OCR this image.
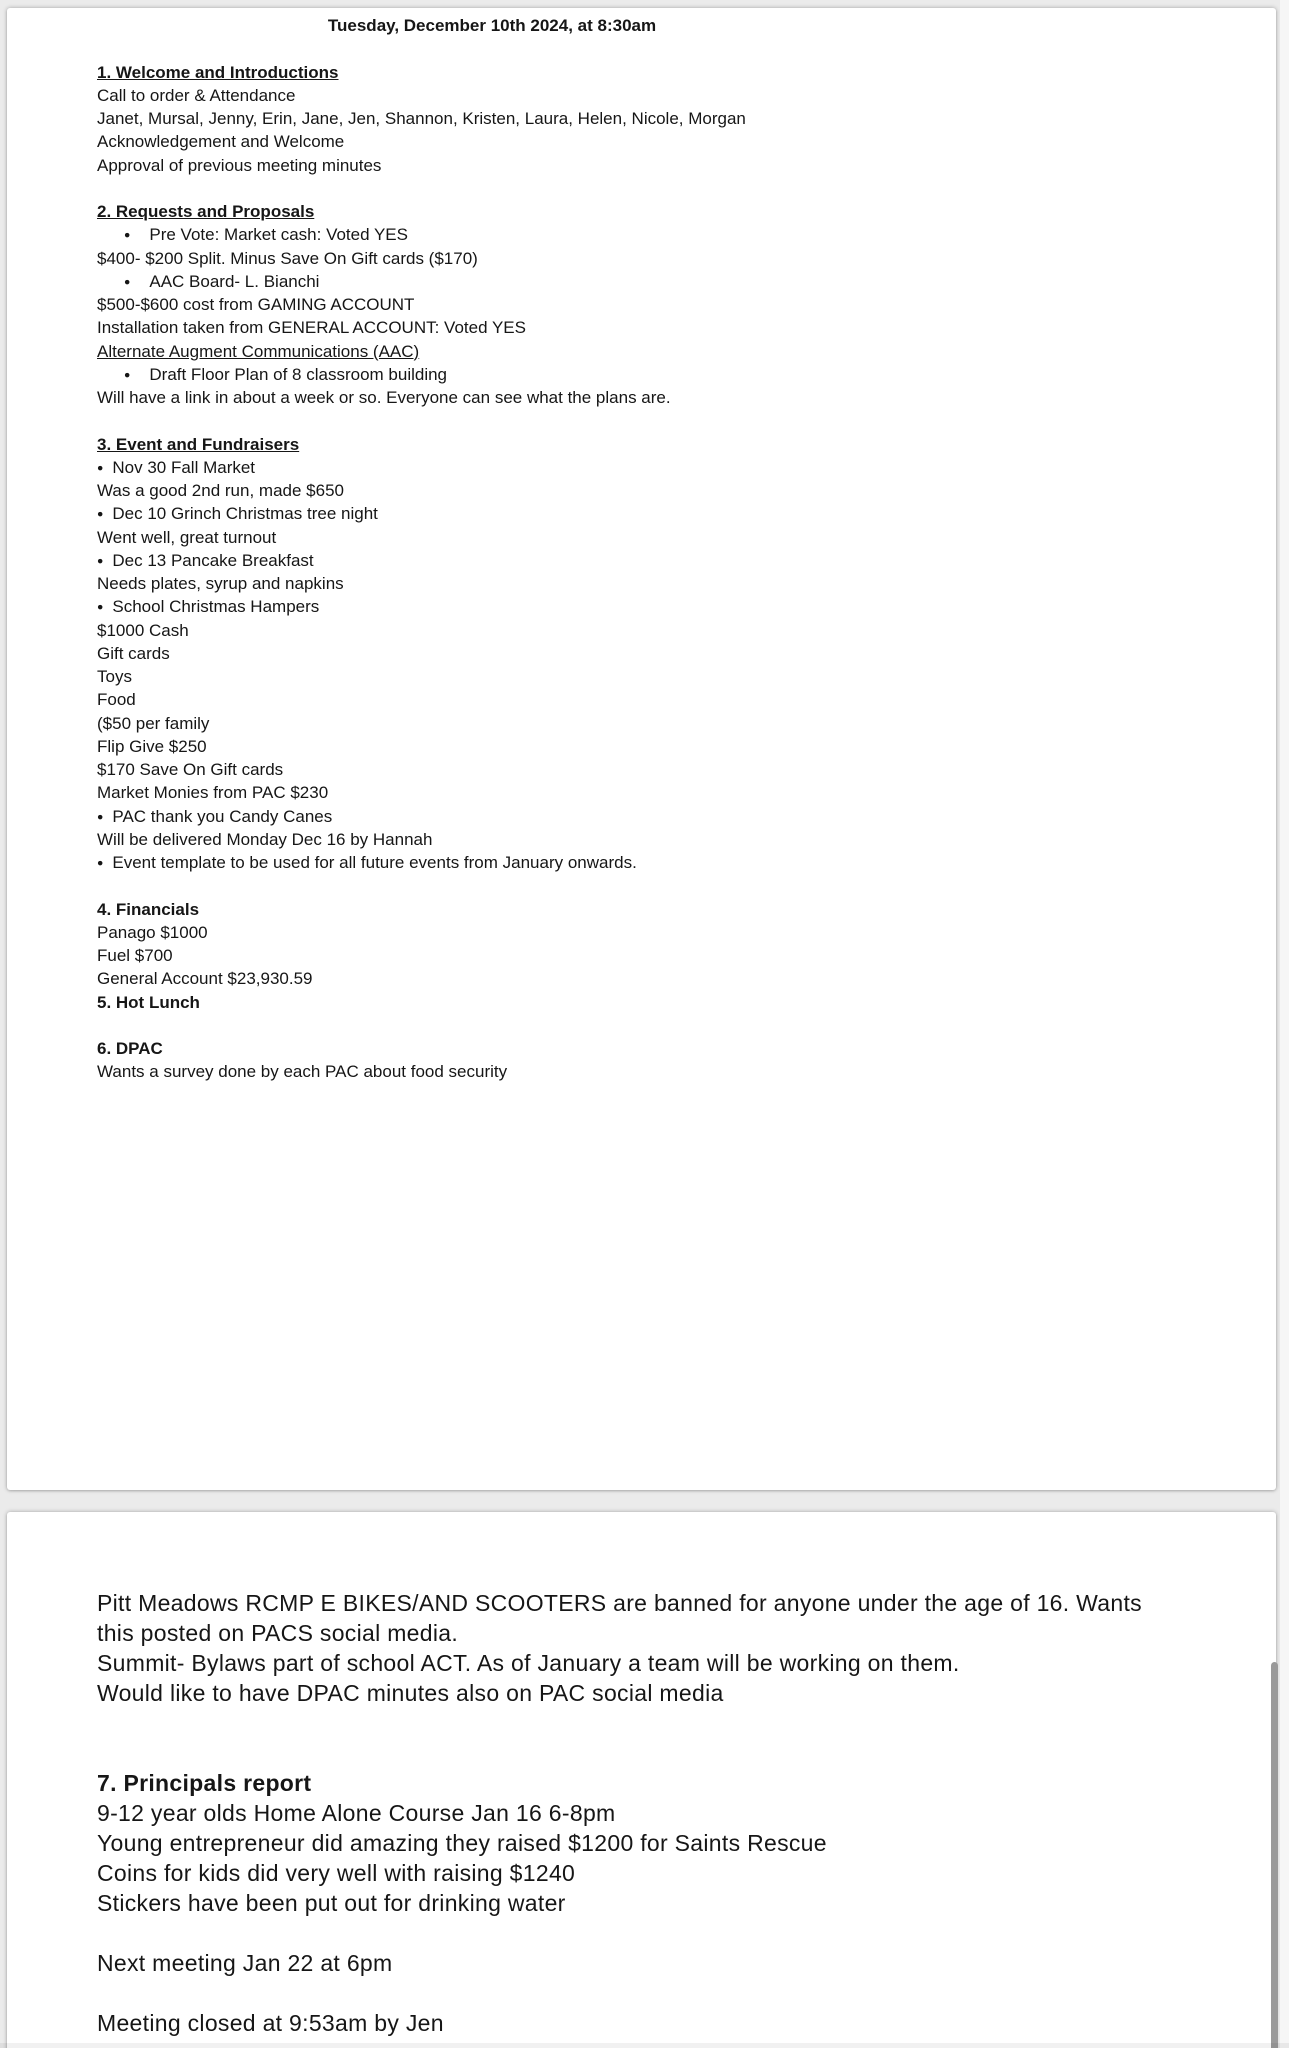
Tuesday, December 10th 2024, at 8:30am
1. Welcome and Introductions
Call to order & Attendance
Janet, Mursal, Jenny, Erin, Jane, Jen, Shannon, Kristen, Laura, Helen, Nicole, Morgan
Acknowledgement and Welcome
Approval of previous meeting minutes
2. Requests and Proposals
● Pre Vote: Market cash: Voted YES
$400- $200 Split. Minus Save On Gift cards ($170)
● AAC Board- L. Bianchi
$500-$600 cost from GAMING ACCOUNT
Installation taken from GENERAL ACCOUNT: Voted YES
Alternate Augment Communications (AAC)
● Draft Floor Plan of 8 classroom building
Will have a link in about a week or so. Everyone can see what the plans are.
3. Event and Fundraisers
● Nov 30 Fall Market
Was a good 2nd run, made $650
● Dec 10 Grinch Christmas tree night
Went well, great turnout
● Dec 13 Pancake Breakfast
Needs plates, syrup and napkins
● School Christmas Hampers
$1000 Cash
Gift cards
Toys
Food
($50 per family
Flip Give $250
$170 Save On Gift cards
Market Monies from PAC $230
● PAC thank you Candy Canes
Will be delivered Monday Dec 16 by Hannah
● Event template to be used for all future events from January onwards.
4. Financials
Panago $1000
Fuel $700
General Account $23,930.59
5. Hot Lunch
6. DPAC
Wants a survey done by each PAC about food security
Pitt Meadows RCMP E BIKES/AND SCOOTERS are banned for anyone under the age of 16. Wants
this posted on PACS social media.
Summit- Bylaws part of school ACT. As of January a team will be working on them.
Would like to have DPAC minutes also on PAC social media
7. Principals report
9-12 year olds Home Alone Course Jan 16 6-8pm
Young entrepreneur did amazing they raised $1200 for Saints Rescue
Coins for kids did very well with raising $1240
Stickers have been put out for drinking water
Next meeting Jan 22 at 6pm
Meeting closed at 9:53am by Jen
